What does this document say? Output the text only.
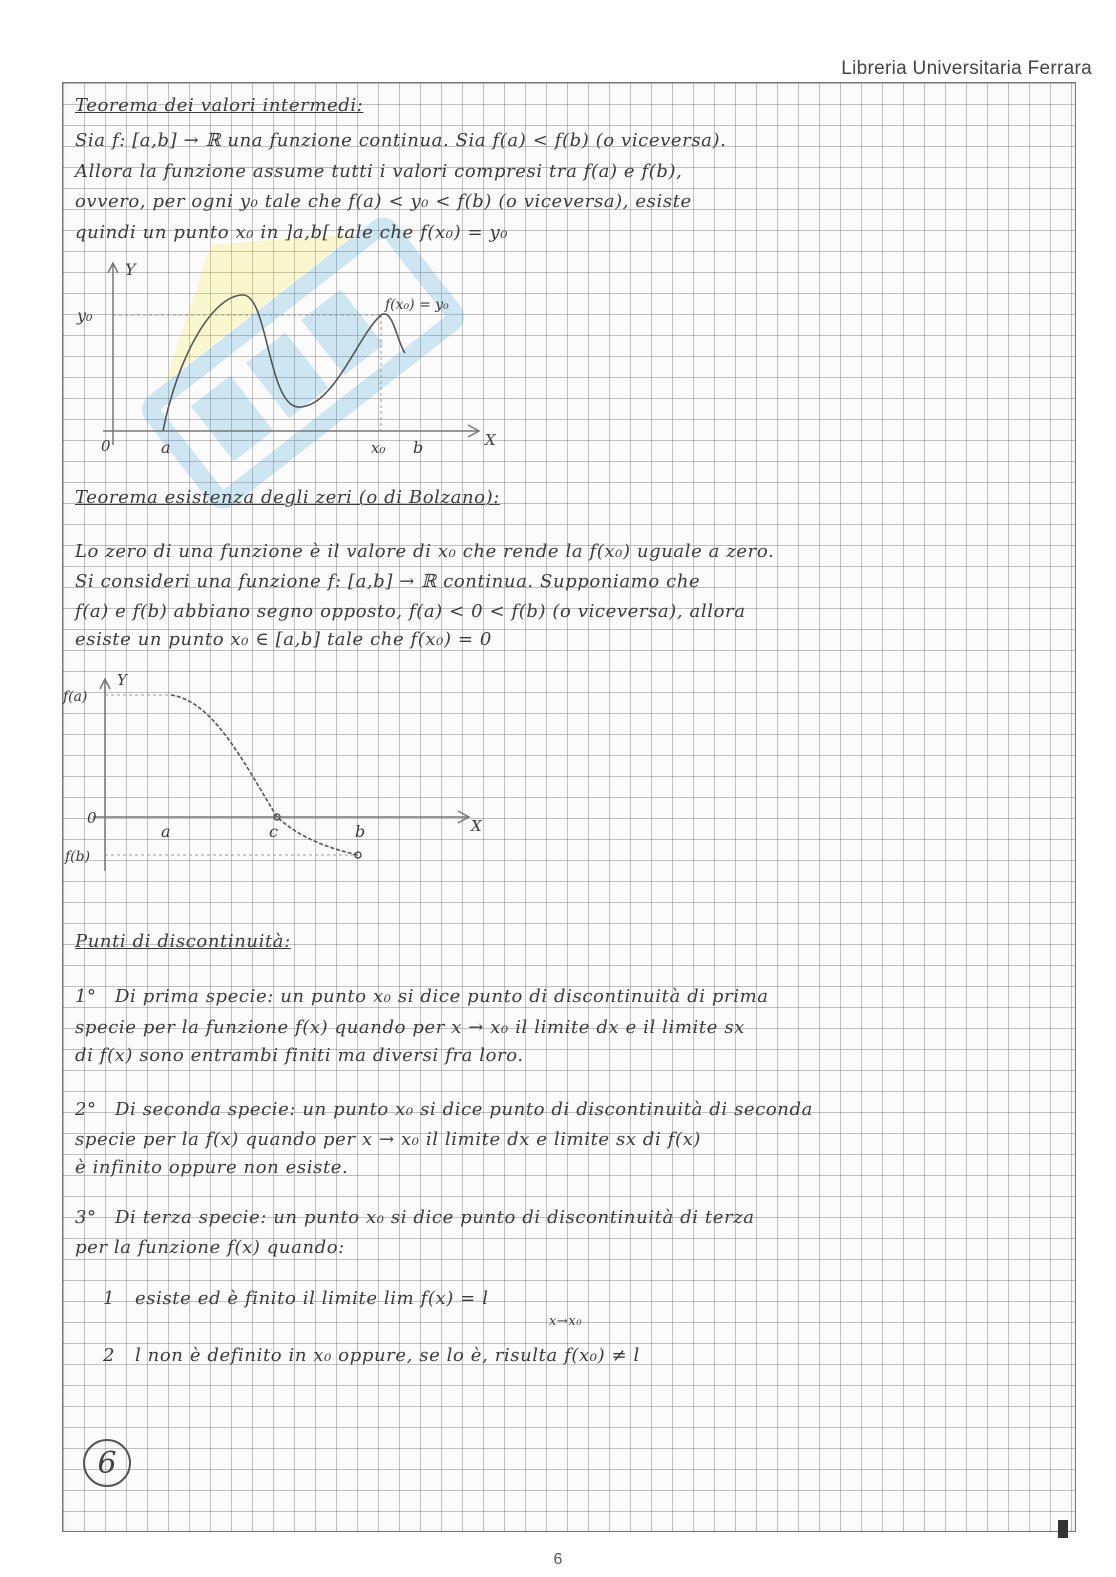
Libreria Universitaria Ferrara

Teorema dei valori intermedi:

Sia f: [a,b] → ℝ una funzione continua. Sia f(a) < f(b) (o viceversa).

Allora la funzione assume tutti i valori compresi tra f(a) e f(b),

ovvero, per ogni y₀ tale che f(a) < y₀ < f(b) (o viceversa), esiste

quindi un punto x₀ in ]a,b[ tale che f(x₀) = y₀

Y
y₀
f(x₀) = y₀
0	a	x₀ b	X

Teorema esistenza degli zeri (o di Bolzano):

Lo zero di una funzione è il valore di x₀ che rende la f(x₀) uguale a zero.

Si consideri una funzione f: [a,b] → ℝ continua. Supponiamo che

f(a) e f(b) abbiano segno opposto, f(a) < 0 < f(b) (o viceversa), allora

esiste un punto x₀ ∈ [a,b] tale che f(x₀) = 0

f(a)
Y
0
a	c	b	X
f(b)

Punti di discontinuità:

1° Di prima specie: un punto x₀ si dice punto di discontinuità di prima

specie per la funzione f(x) quando per x → x₀ il limite dx e il limite sx

di f(x) sono entrambi finiti ma diversi fra loro.

2° Di seconda specie: un punto x₀ si dice punto di discontinuità di seconda

specie per la f(x) quando per x → x₀ il limite dx e limite sx di f(x)

è infinito oppure non esiste.

3° Di terza specie: un punto x₀ si dice punto di discontinuità di terza

per la funzione f(x) quando:

1 esiste ed è finito il limite lim f(x) = l

x→x₀

2 l non è definito in x₀ oppure, se lo è, risulta f(x₀) ≠ l

6
6
